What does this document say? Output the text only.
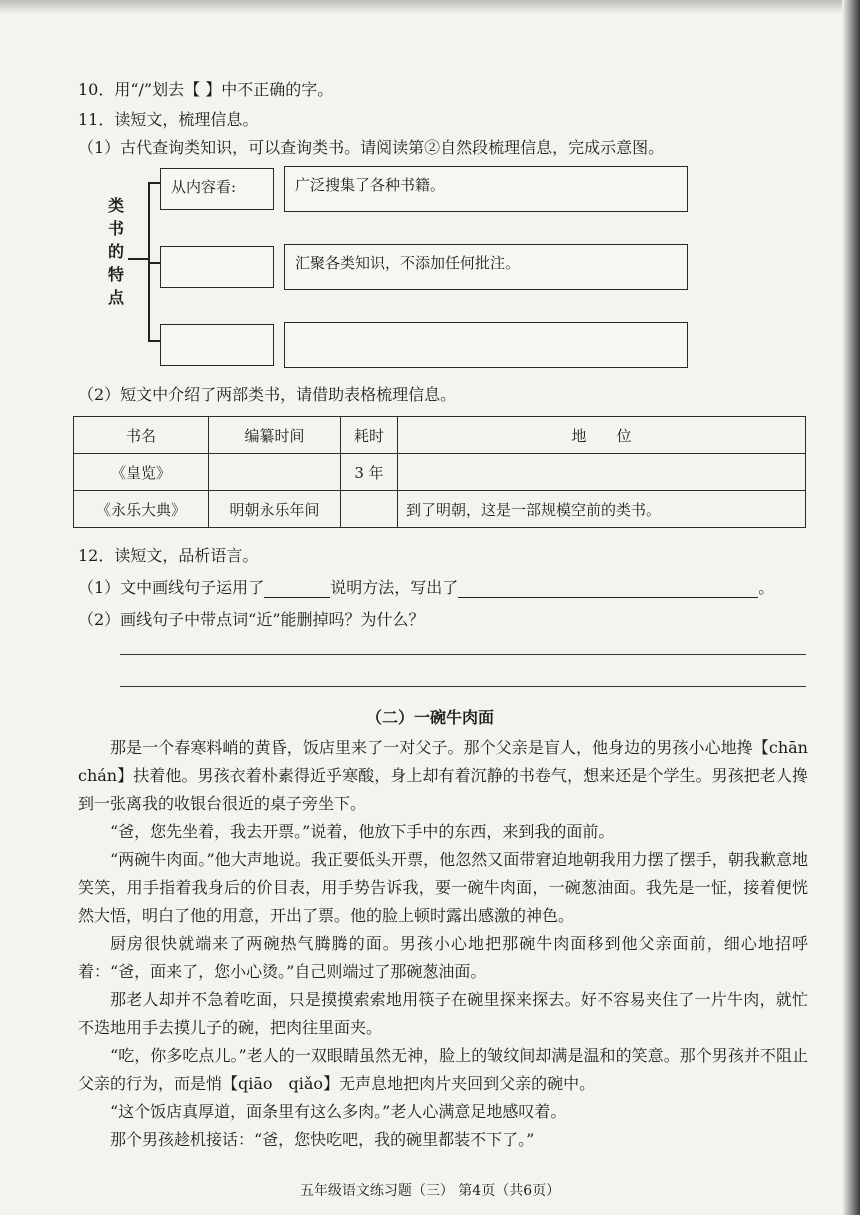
10．用“/”划去【 】中不正确的字。
11．读短文，梳理信息。
（1）古代查询类知识，可以查询类书。请阅读第②自然段梳理信息，完成示意图。
类
书
的
特
点
从内容看:	广泛搜集了各种书籍。
汇聚各类知识，不添加任何批注。
（2）短文中介绍了两部类书，请借助表格梳理信息。
书名	编纂时间	耗时	地　　位
《皇览》		3 年	
《永乐大典》	明朝永乐年间		到了明朝，这是一部规模空前的类书。
12．读短文，品析语言。
（1）文中画线句子运用了	说明方法，写出了	。
（2）画线句子中带点词“近”能删掉吗？为什么？
（二）一碗牛肉面

那是一个春寒料峭的黄昏，饭店里来了一对父子。那个父亲是盲人，他身边的男孩小心地搀【chān　chán】扶着他。男孩衣着朴素得近乎寒酸，身上却有着沉静的书卷气，想来还是个学生。男孩把老人搀到一张离我的收银台很近的桌子旁坐下。

“爸，您先坐着，我去开票。”说着，他放下手中的东西，来到我的面前。

“两碗牛肉面。”他大声地说。我正要低头开票，他忽然又面带窘迫地朝我用力摆了摆手，朝我歉意地笑笑，用手指着我身后的价目表，用手势告诉我，要一碗牛肉面，一碗葱油面。我先是一怔，接着便恍然大悟，明白了他的用意，开出了票。他的脸上顿时露出感激的神色。

厨房很快就端来了两碗热气腾腾的面。男孩小心地把那碗牛肉面移到他父亲面前，细心地招呼着：“爸，面来了，您小心烫。”自己则端过了那碗葱油面。

那老人却并不急着吃面，只是摸摸索索地用筷子在碗里探来探去。好不容易夹住了一片牛肉，就忙不迭地用手去摸儿子的碗，把肉往里面夹。

“吃，你多吃点儿。”老人的一双眼睛虽然无神，脸上的皱纹间却满是温和的笑意。那个男孩并不阻止父亲的行为，而是悄【qiāo　qiǎo】无声息地把肉片夹回到父亲的碗中。

“这个饭店真厚道，面条里有这么多肉。”老人心满意足地感叹着。

那个男孩趁机接话：“爸，您快吃吧，我的碗里都装不下了。”

五年级语文练习题（三） 第4页（共6页）
